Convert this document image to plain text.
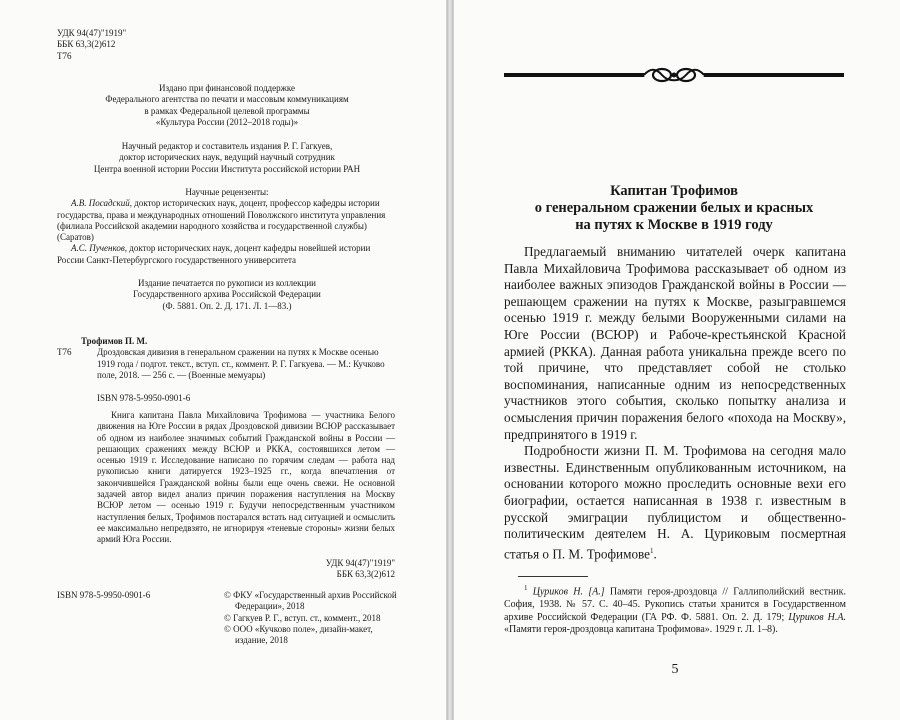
УДК 94(47)"1919"
ББК 63,3(2)612
Т76
Издано при финансовой поддержке
Федерального агентства по печати и массовым коммуникациям
в рамках Федеральной целевой программы
«Культура России (2012–2018 годы)»
Научный редактор и составитель издания Р. Г. Гагкуев,
доктор исторических наук, ведущий научный сотрудник
Центра военной истории России Института российской истории РАН
Научные рецензенты:
А.В. Посадский, доктор исторических наук, доцент, профессор кафедры истории государства, права и международных отношений Поволжского института управления (филиала Российской академии народного хозяйства и государственной службы) (Саратов)
А.С. Пученков, доктор исторических наук, доцент кафедры новейшей истории России Санкт-Петербургского государственного университета
Издание печатается по рукописи из коллекции
Государственного архива Российской Федерации
(Ф. 5881. Оп. 2. Д. 171. Л. 1—83.)
Трофимов П. М.
Т76	Дроздовская дивизия в генеральном сражении на путях к Москве осенью 1919 года / подгот. текст., вступ. ст., коммент. Р. Г. Гагкуева. — М.: Кучково поле, 2018. — 256 с. — (Военные мемуары)
ISBN 978-5-9950-0901-6
Книга капитана Павла Михайловича Трофимова — участника Белого движения на Юге России в рядах Дроздовской дивизии ВСЮР рассказывает об одном из наиболее значимых событий Гражданской войны в России — решающих сражениях между ВСЮР и РККА, состоявшихся летом — осенью 1919 г. Исследование написано по горячим следам — работа над рукописью книги датируется 1923–1925 гг., когда впечатления от закончившейся Гражданской войны были еще очень свежи. Не основной задачей автор видел анализ причин поражения наступления на Москву ВСЮР летом — осенью 1919 г. Будучи непосредственным участником наступления белых, Трофимов постарался встать над ситуацией и осмыслить ее максимально непредвзято, не игнорируя «теневые стороны» жизни белых армий Юга России.
УДК 94(47)"1919"
ББК 63,3(2)612
ISBN 978-5-9950-0901-6	© ФКУ «Государственный архив Российской Федерации», 2018
© Гагкуев Р. Г., вступ. ст., коммент., 2018
© ООО «Кучково поле», дизайн-макет, издание, 2018
Капитан Трофимов
о генеральном сражении белых и красных
на путях к Москве в 1919 году

Предлагаемый вниманию читателей очерк капитана Павла Михайловича Трофимова рассказывает об одном из наиболее важных эпизодов Гражданской войны в России — решающем сражении на путях к Москве, разыгравшемся осенью 1919 г. между белыми Вооруженными силами на Юге России (ВСЮР) и Рабоче-крестьянской Красной армией (РККА). Данная работа уникальна прежде всего по той причине, что представляет собой не столько воспоминания, написанные одним из непосредственных участников этого события, сколько попытку анализа и осмысления причин поражения белого «похода на Москву», предпринятого в 1919 г.

Подробности жизни П. М. Трофимова на сегодня мало известны. Единственным опубликованным источником, на основании которого можно проследить основные вехи его биографии, остается написанная в 1938 г. известным в русской эмиграции публицистом и общественно-политическим деятелем Н. А. Цуриковым посмертная статья о П. М. Трофимове$^1$.

$^1$ Цуриков Н. [А.] Памяти героя-дроздовца // Галлиполийский вестник. София, 1938. № 57. С. 40–45. Рукопись статьи хранится в Государственном архиве Российской Федерации (ГА РФ. Ф. 5881. Оп. 2. Д. 179; Цуриков Н.А. «Памяти героя-дроздовца капитана Трофимова». 1929 г. Л. 1–8).
5
